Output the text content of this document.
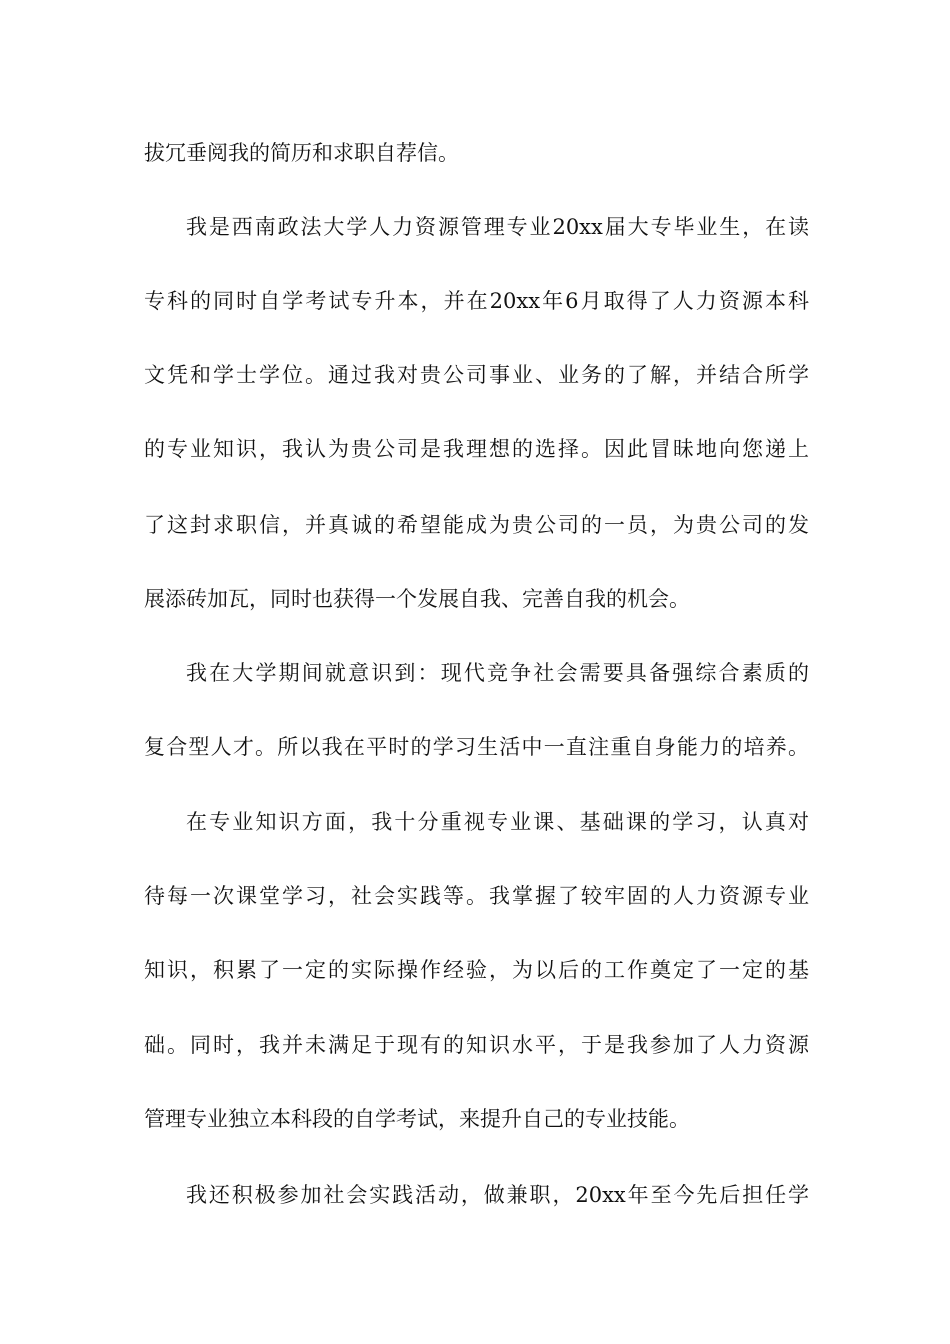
拔冗垂阅我的简历和求职自荐信。
我是西南政法大学人力资源管理专业20xx届大专毕业生，在读
专科的同时自学考试专升本，并在20xx年6月取得了人力资源本科
文凭和学士学位。通过我对贵公司事业、业务的了解，并结合所学
的专业知识，我认为贵公司是我理想的选择。因此冒昧地向您递上
了这封求职信，并真诚的希望能成为贵公司的一员，为贵公司的发
展添砖加瓦，同时也获得一个发展自我、完善自我的机会。
我在大学期间就意识到：现代竞争社会需要具备强综合素质的
复合型人才。所以我在平时的学习生活中一直注重自身能力的培养。
在专业知识方面，我十分重视专业课、基础课的学习，认真对
待每一次课堂学习，社会实践等。我掌握了较牢固的人力资源专业
知识，积累了一定的实际操作经验，为以后的工作奠定了一定的基
础。同时，我并未满足于现有的知识水平，于是我参加了人力资源
管理专业独立本科段的自学考试，来提升自己的专业技能。
我还积极参加社会实践活动，做兼职，20xx年至今先后担任学
